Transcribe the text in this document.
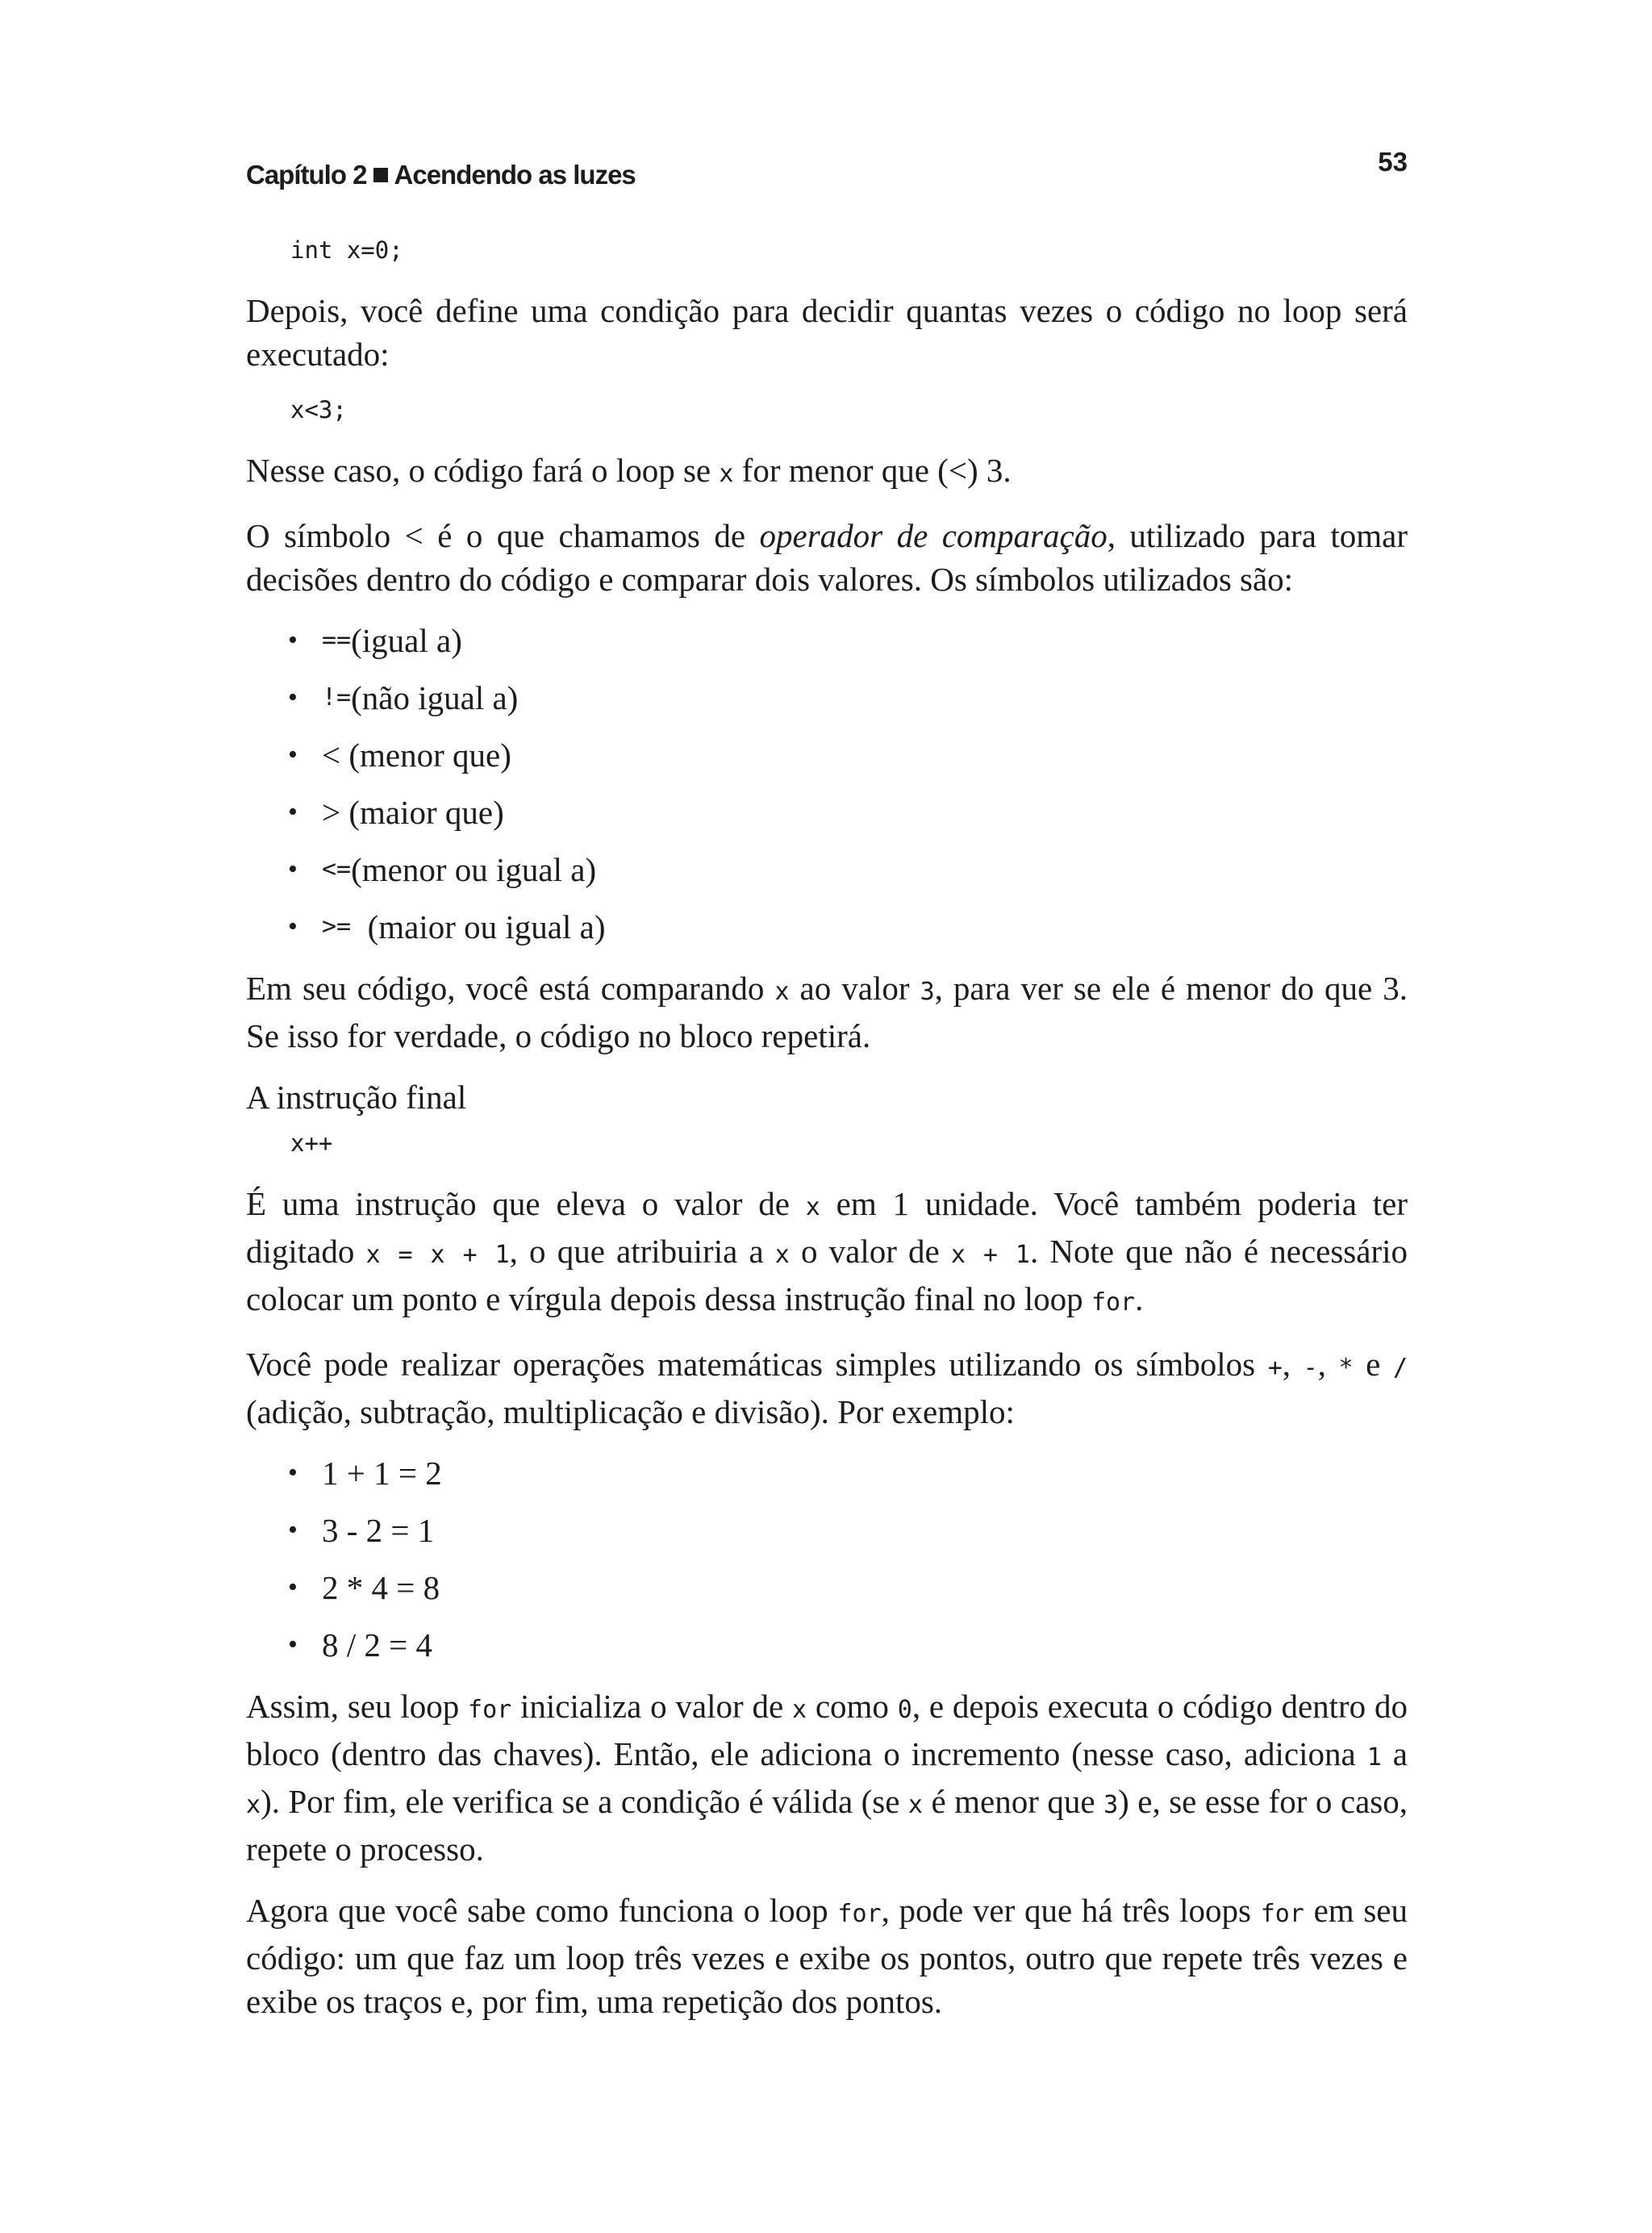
Capítulo 2 Acendendo as luzes	53
int x=0;

Depois, você define uma condição para decidir quantas vezes o código no loop será executado:

x<3;

Nesse caso, o código fará o loop se x for menor que (<) 3.

O símbolo < é o que chamamos de operador de comparação, utilizado para tomar decisões dentro do código e comparar dois valores. Os símbolos utilizados são:

•	== (igual a)
•	!= (não igual a)
• < (menor que)
• > (maior que)
•	<= (menor ou igual a)
•	>= (maior ou igual a)

Em seu código, você está comparando x ao valor 3, para ver se ele é menor do que 3. Se isso for verdade, o código no bloco repetirá.

A instrução final

x++

É uma instrução que eleva o valor de x em 1 unidade. Você também poderia ter digitado x = x + 1, o que atribuiria a x o valor de x + 1. Note que não é necessário colocar um ponto e vírgula depois dessa instrução final no loop for.

Você pode realizar operações matemáticas simples utilizando os símbolos +, -, * e / (adição, subtração, multiplicação e divisão). Por exemplo:

• 1 + 1 = 2
• 3 - 2 = 1
• 2 * 4 = 8
• 8 / 2 = 4

Assim, seu loop for inicializa o valor de x como 0, e depois executa o código dentro do bloco (dentro das chaves). Então, ele adiciona o incremento (nesse caso, adiciona 1 a x). Por fim, ele verifica se a condição é válida (se x é menor que 3) e, se esse for o caso, repete o processo.

Agora que você sabe como funciona o loop for, pode ver que há três loops for em seu código: um que faz um loop três vezes e exibe os pontos, outro que repete três vezes e exibe os traços e, por fim, uma repetição dos pontos.
